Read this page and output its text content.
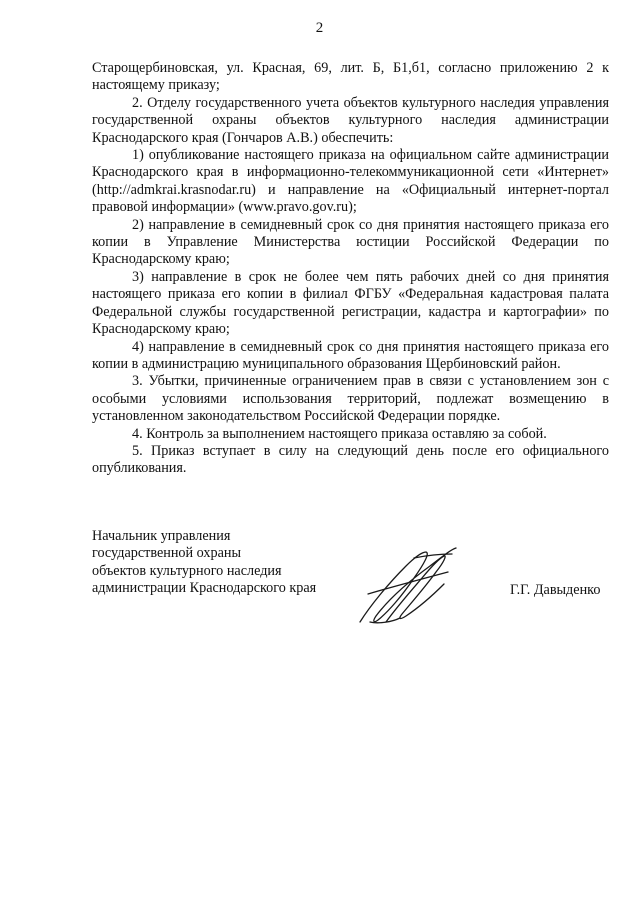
2

Старощербиновская, ул. Красная, 69, лит. Б, Б1,б1, согласно приложению 2 к настоящему приказу;

2. Отделу государственного учета объектов культурного наследия управления государственной охраны объектов культурного наследия администрации Краснодарского края (Гончаров А.В.) обеспечить:

1) опубликование настоящего приказа на официальном сайте администрации Краснодарского края в информационно-телекоммуникационной сети «Интернет» (http://admkrai.krasnodar.ru) и направление на «Официальный интернет-портал правовой информации» (www.pravo.gov.ru);

2) направление в семидневный срок со дня принятия настоящего приказа его копии в Управление Министерства юстиции Российской Федерации по Краснодарскому краю;

3) направление в срок не более чем пять рабочих дней со дня принятия настоящего приказа его копии в филиал ФГБУ «Федеральная кадастровая палата Федеральной службы государственной регистрации, кадастра и картографии» по Краснодарскому краю;

4) направление в семидневный срок со дня принятия настоящего приказа его копии в администрацию муниципального образования Щербиновский район.

3. Убытки, причиненные ограничением прав в связи с установлением зон с особыми условиями использования территорий, подлежат возмещению в установленном законодательством Российской Федерации порядке.

4. Контроль за выполнением настоящего приказа оставляю за собой.

5. Приказ вступает в силу на следующий день после его официального опубликования.

Начальник управления
государственной охраны
объектов культурного наследия
администрации Краснодарского края	Г.Г. Давыденко
